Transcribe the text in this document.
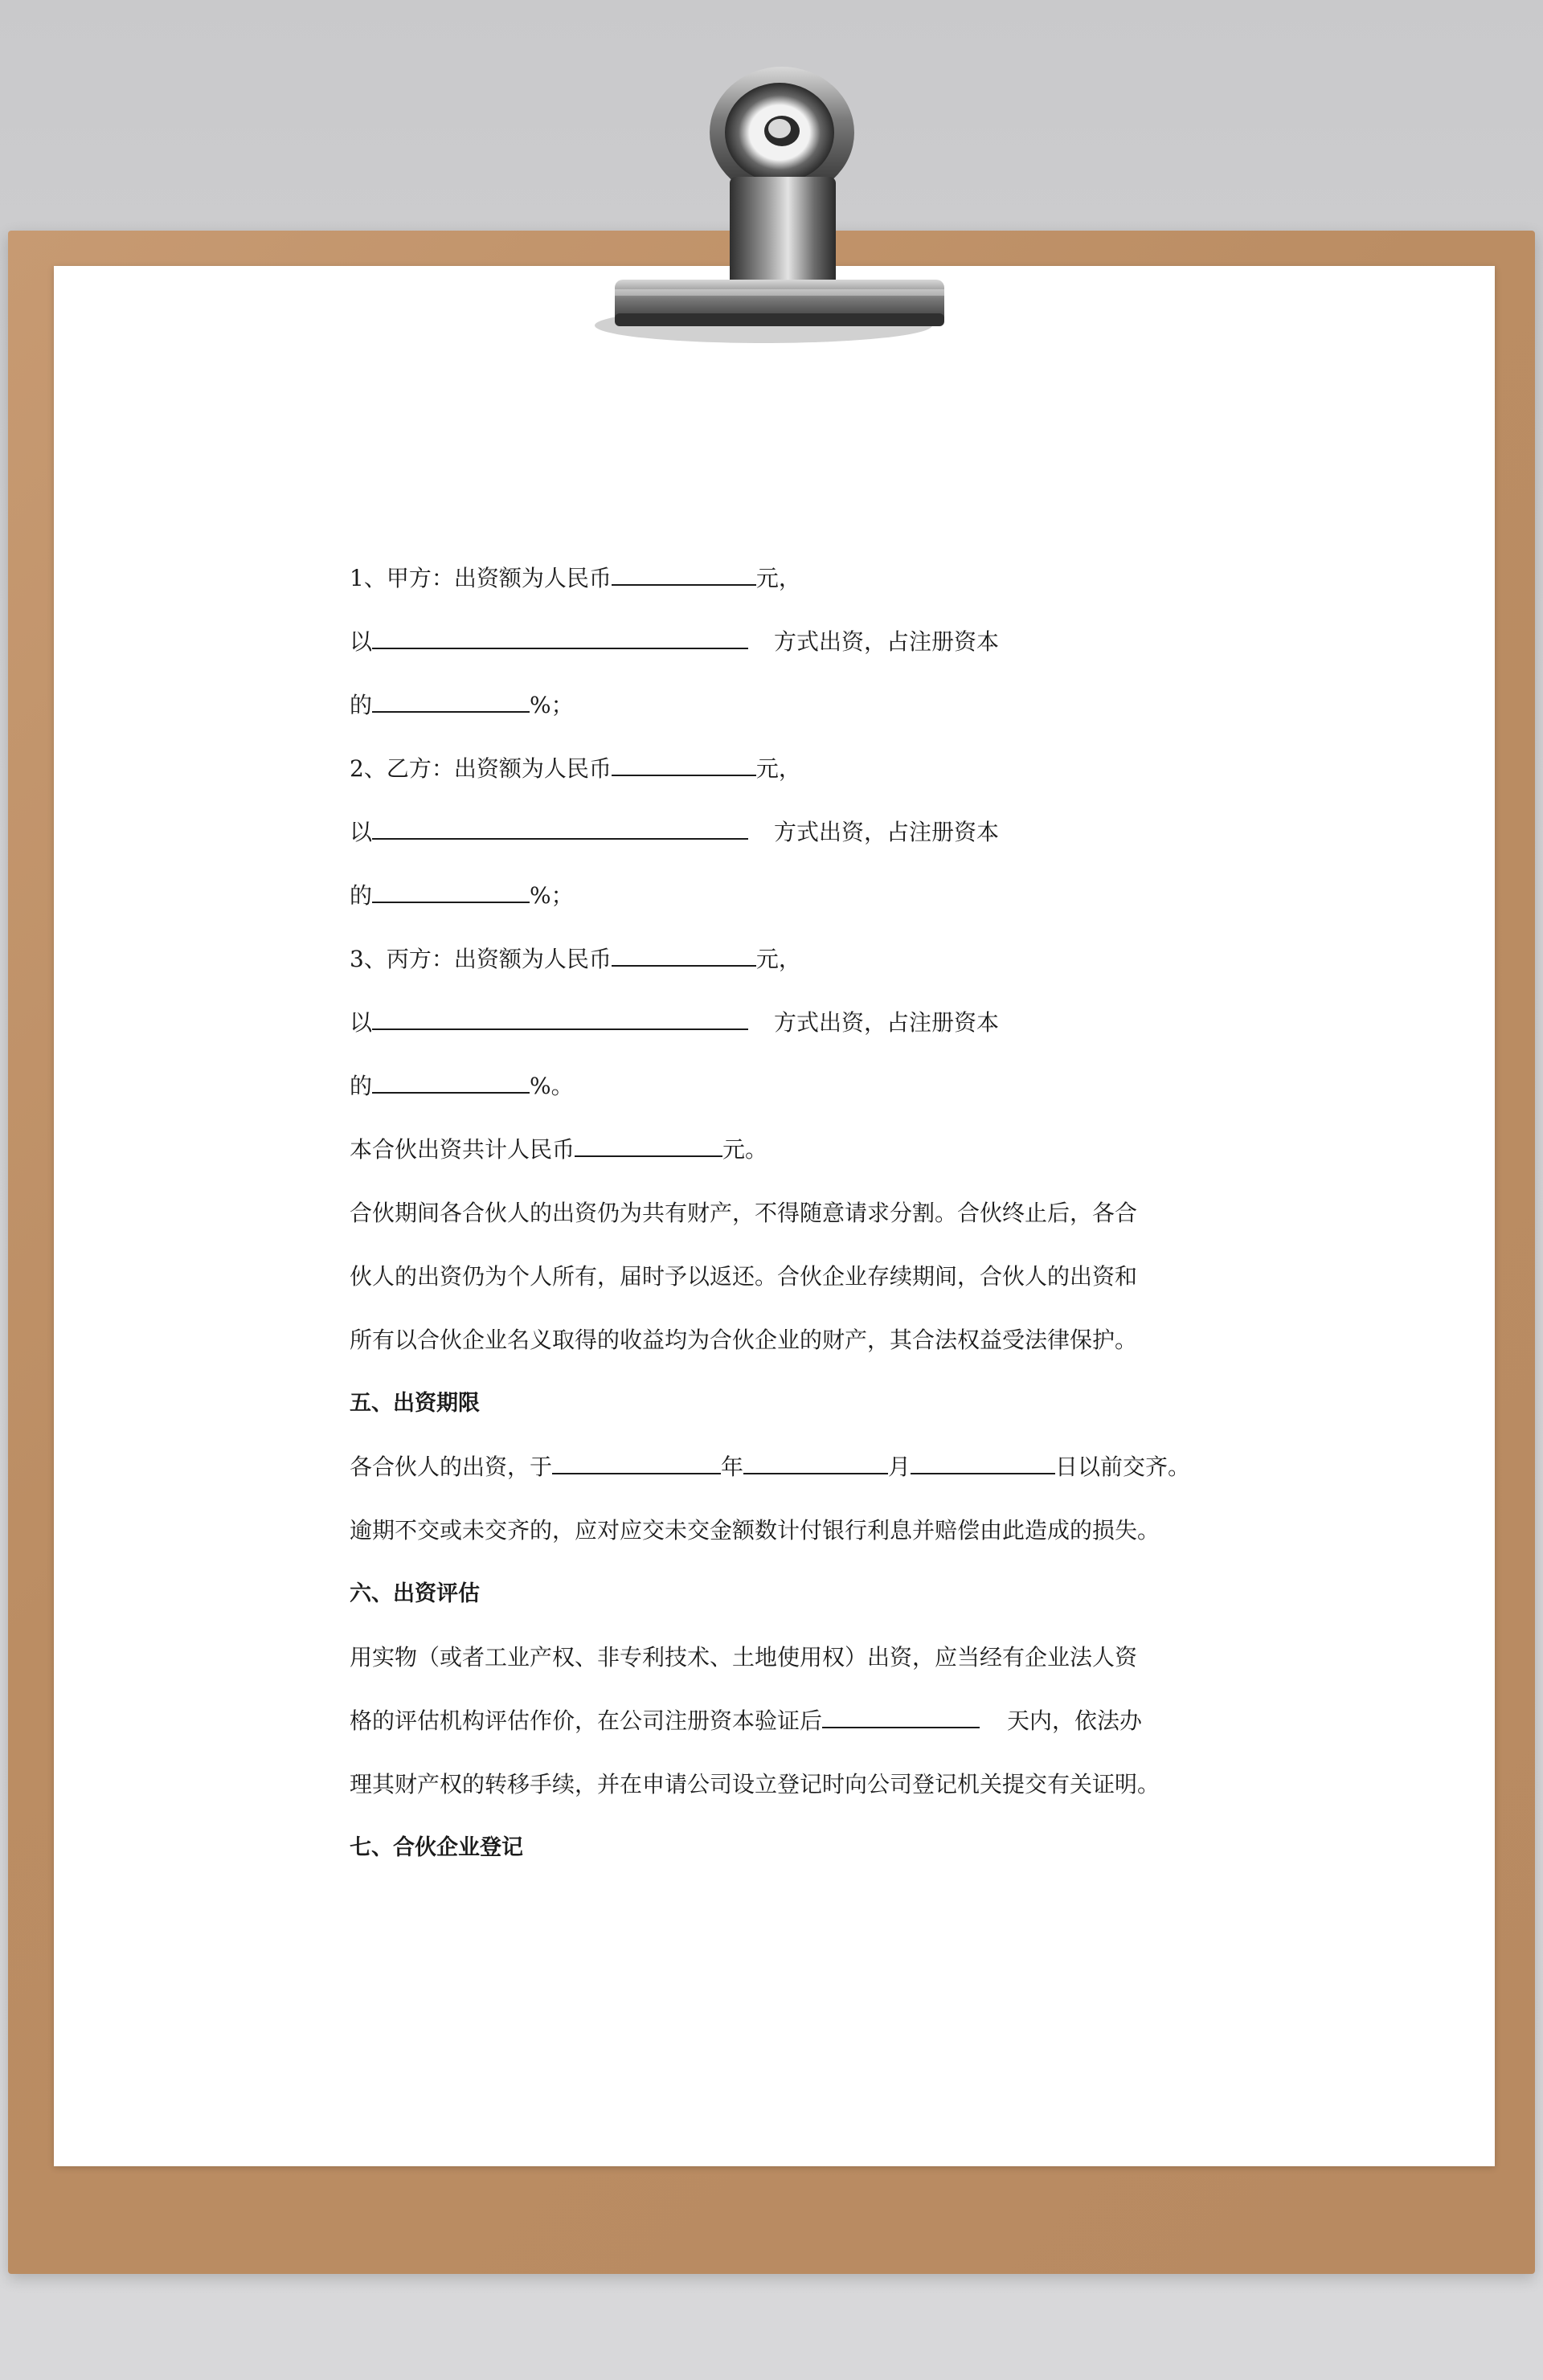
1、甲方：出资额为人民币	元，
以	方式出资，占注册资本
的	%；
2、乙方：出资额为人民币	元，
以	方式出资，占注册资本
的	%；
3、丙方：出资额为人民币	元，
以	方式出资，占注册资本
的	%。
本合伙出资共计人民币	元。
合伙期间各合伙人的出资仍为共有财产，不得随意请求分割。合伙终止后，各合
伙人的出资仍为个人所有，届时予以返还。合伙企业存续期间，合伙人的出资和
所有以合伙企业名义取得的收益均为合伙企业的财产，其合法权益受法律保护。
五、出资期限
各合伙人的出资，于	年	月	日以前交齐。
逾期不交或未交齐的，应对应交未交金额数计付银行利息并赔偿由此造成的损失。
六、出资评估
用实物（或者工业产权、非专利技术、土地使用权）出资，应当经有企业法人资
格的评估机构评估作价，在公司注册资本验证后	天内，依法办
理其财产权的转移手续，并在申请公司设立登记时向公司登记机关提交有关证明。
七、合伙企业登记
